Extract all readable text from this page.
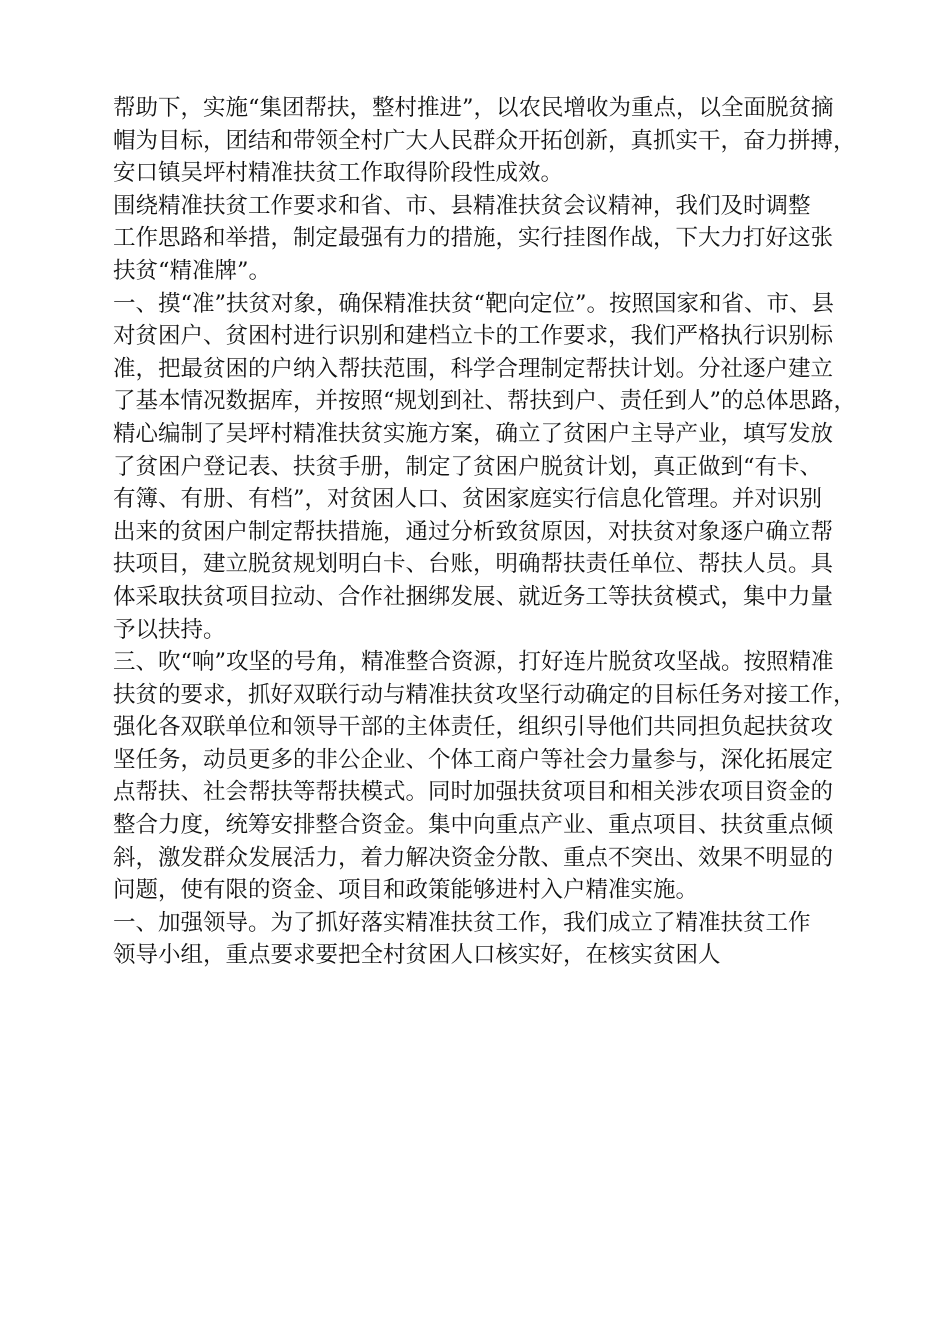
帮助下，实施“集团帮扶，整村推进”，以农民增收为重点，以全面脱贫摘
帽为目标，团结和带领全村广大人民群众开拓创新，真抓实干，奋力拼搏，
安口镇吴坪村精准扶贫工作取得阶段性成效。
围绕精准扶贫工作要求和省、市、县精准扶贫会议精神，我们及时调整
工作思路和举措，制定最强有力的措施，实行挂图作战，下大力打好这张
扶贫“精准牌”。
一、摸“准”扶贫对象，确保精准扶贫“靶向定位”。按照国家和省、市、县
对贫困户、贫困村进行识别和建档立卡的工作要求，我们严格执行识别标
准，把最贫困的户纳入帮扶范围，科学合理制定帮扶计划。分社逐户建立
了基本情况数据库，并按照“规划到社、帮扶到户、责任到人”的总体思路，
精心编制了吴坪村精准扶贫实施方案，确立了贫困户主导产业，填写发放
了贫困户登记表、扶贫手册，制定了贫困户脱贫计划，真正做到“有卡、
有簿、有册、有档”，对贫困人口、贫困家庭实行信息化管理。并对识别
出来的贫困户制定帮扶措施，通过分析致贫原因，对扶贫对象逐户确立帮
扶项目，建立脱贫规划明白卡、台账，明确帮扶责任单位、帮扶人员。具
体采取扶贫项目拉动、合作社捆绑发展、就近务工等扶贫模式，集中力量
予以扶持。
三、吹“响”攻坚的号角，精准整合资源，打好连片脱贫攻坚战。按照精准
扶贫的要求，抓好双联行动与精准扶贫攻坚行动确定的目标任务对接工作，
强化各双联单位和领导干部的主体责任，组织引导他们共同担负起扶贫攻
坚任务，动员更多的非公企业、个体工商户等社会力量参与，深化拓展定
点帮扶、社会帮扶等帮扶模式。同时加强扶贫项目和相关涉农项目资金的
整合力度，统筹安排整合资金。集中向重点产业、重点项目、扶贫重点倾
斜，激发群众发展活力，着力解决资金分散、重点不突出、效果不明显的
问题，使有限的资金、项目和政策能够进村入户精准实施。
一、加强领导。为了抓好落实精准扶贫工作，我们成立了精准扶贫工作
领导小组，重点要求要把全村贫困人口核实好，在核实贫困人
